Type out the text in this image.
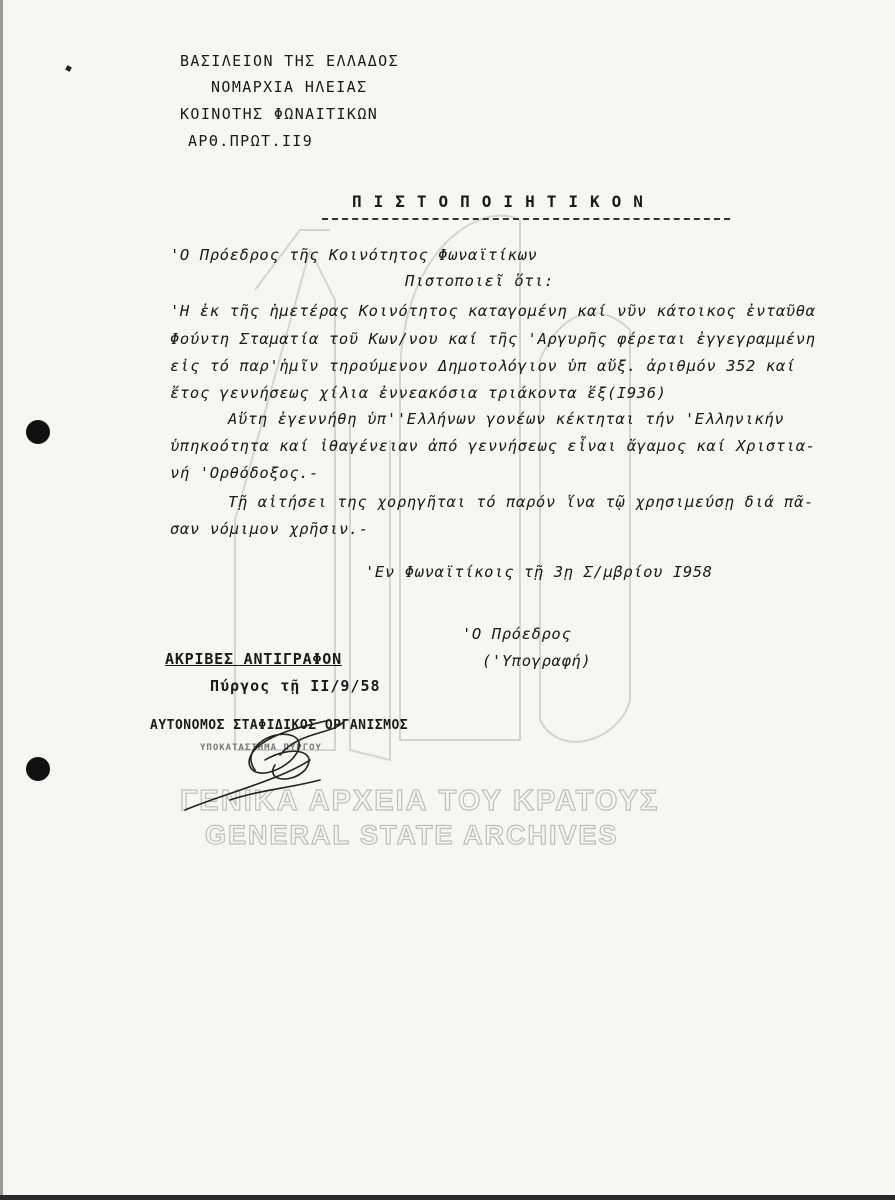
ΓΕΝΙΚΑ ΑΡΧΕΙΑ ΤΟΥ ΚΡΑΤΟΥΣ
GENERAL STATE ARCHIVES
ΒΑΣΙΛΕΙΟΝ ΤΗΣ ΕΛΛΑΔΟΣ
ΝΟΜΑΡΧΙΑ ΗΛΕΙΑΣ
ΚΟΙΝΟΤΗΣ ΦΩΝΑΙΤΙΚΩΝ
ΑΡΘ.ΠΡΩΤ.ΙΙ9
ΠΙΣΤΟΠΟΙΗΤΙΚΟΝ
'Ο Πρόεδρος τῆς Κοινότητος Φωναϊτίκων
Πιστοποιεῖ ὅτι:
'Η ἐκ τῆς ἡμετέρας Κοινότητος καταγομένη καί νῦν κάτοικος ἐνταῦθα
Φούντη Σταματία τοῦ Κων/νου καί τῆς 'Αργυρῆς φέρεται ἐγγεγραμμένη
εἰς τό παρ'ἡμῖν τηρούμενον Δημοτολόγιον ὑπ αὔξ. ἀριθμόν 352 καί
ἔτος γεννήσεως χίλια ἐννεακόσια τριάκοντα ἕξ(Ι936)
Αὕτη ἐγεννήθη ὑπ''Ελλήνων γονέων κέκτηται τήν 'Ελληνικήν
ὑπηκοότητα καί ἰθαγένειαν ἀπό γεννήσεως εἶναι ἄγαμος καί Χριστια-
νή 'Ορθόδοξος.-
Τῇ αἰτήσει της χορηγῆται τό παρόν ἵνα τῷ χρησιμεύσῃ διά πᾶ-
σαν νόμιμον χρῆσιν.-
'Εν Φωναϊτίκοις τῇ 3ῃ Σ/μβρίου Ι958
'Ο Πρόεδρος
('Υπογραφή)
ΑΚΡΙΒΕΣ ΑΝΤΙΓΡΑΦΟΝ
Πύργος τῇ ΙΙ/9/58
ΑΥΤΟΝΟΜΟΣ ΣΤΑΦΙΔΙΚΟΣ ΟΡΓΑΝΙΣΜΟΣ
ΥΠΟΚΑΤΑΣΤΗΜΑ ΠΥΡΓΟΥ
